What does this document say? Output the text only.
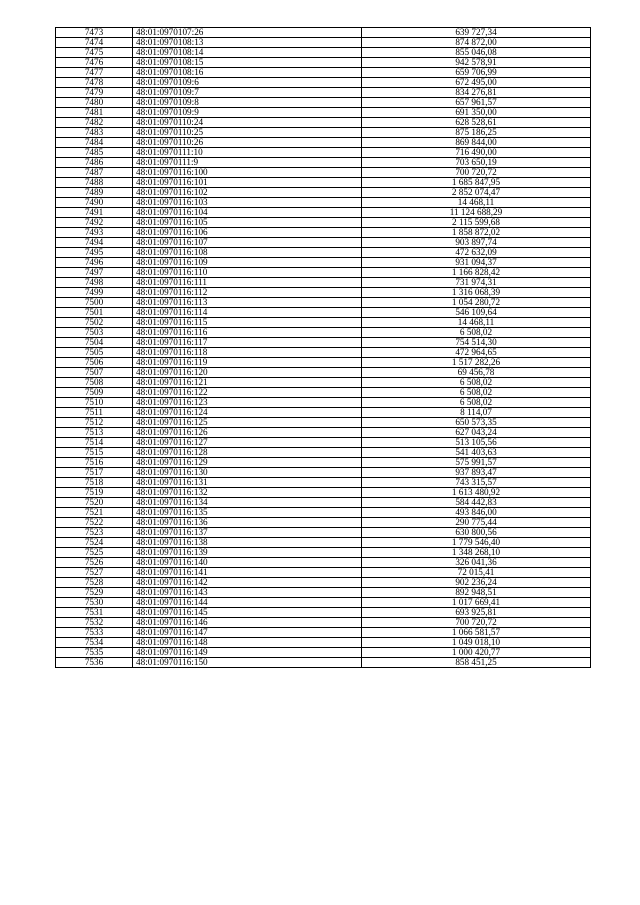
7473	48:01:0970107:26	639 727,34
7474	48:01:0970108:13	874 872,00
7475	48:01:0970108:14	855 046,08
7476	48:01:0970108:15	942 578,91
7477	48:01:0970108:16	659 706,99
7478	48:01:0970109:6	672 495,00
7479	48:01:0970109:7	834 276,81
7480	48:01:0970109:8	657 961,57
7481	48:01:0970109:9	691 350,00
7482	48:01:0970110:24	628 528,61
7483	48:01:0970110:25	875 186,25
7484	48:01:0970110:26	869 844,00
7485	48:01:0970111:10	716 490,00
7486	48:01:0970111:9	703 650,19
7487	48:01:0970116:100	700 720,72
7488	48:01:0970116:101	1 685 847,95
7489	48:01:0970116:102	2 852 074,47
7490	48:01:0970116:103	14 468,11
7491	48:01:0970116:104	11 124 688,29
7492	48:01:0970116:105	2 115 599,68
7493	48:01:0970116:106	1 858 872,02
7494	48:01:0970116:107	903 897,74
7495	48:01:0970116:108	472 632,09
7496	48:01:0970116:109	931 094,37
7497	48:01:0970116:110	1 166 828,42
7498	48:01:0970116:111	731 974,31
7499	48:01:0970116:112	1 316 068,39
7500	48:01:0970116:113	1 054 280,72
7501	48:01:0970116:114	546 109,64
7502	48:01:0970116:115	14 468,11
7503	48:01:0970116:116	6 508,02
7504	48:01:0970116:117	754 514,30
7505	48:01:0970116:118	472 964,65
7506	48:01:0970116:119	1 517 282,26
7507	48:01:0970116:120	69 456,78
7508	48:01:0970116:121	6 508,02
7509	48:01:0970116:122	6 508,02
7510	48:01:0970116:123	6 508,02
7511	48:01:0970116:124	8 114,07
7512	48:01:0970116:125	650 573,35
7513	48:01:0970116:126	627 043,24
7514	48:01:0970116:127	513 105,56
7515	48:01:0970116:128	541 403,63
7516	48:01:0970116:129	575 991,57
7517	48:01:0970116:130	937 893,47
7518	48:01:0970116:131	743 315,57
7519	48:01:0970116:132	1 613 480,92
7520	48:01:0970116:134	584 442,83
7521	48:01:0970116:135	493 846,00
7522	48:01:0970116:136	290 775,44
7523	48:01:0970116:137	630 800,56
7524	48:01:0970116:138	1 779 546,40
7525	48:01:0970116:139	1 348 268,10
7526	48:01:0970116:140	326 041,36
7527	48:01:0970116:141	72 015,41
7528	48:01:0970116:142	902 236,24
7529	48:01:0970116:143	892 948,51
7530	48:01:0970116:144	1 017 669,41
7531	48:01:0970116:145	693 925,81
7532	48:01:0970116:146	700 720,72
7533	48:01:0970116:147	1 066 581,57
7534	48:01:0970116:148	1 049 018,10
7535	48:01:0970116:149	1 000 420,77
7536	48:01:0970116:150	858 451,25
